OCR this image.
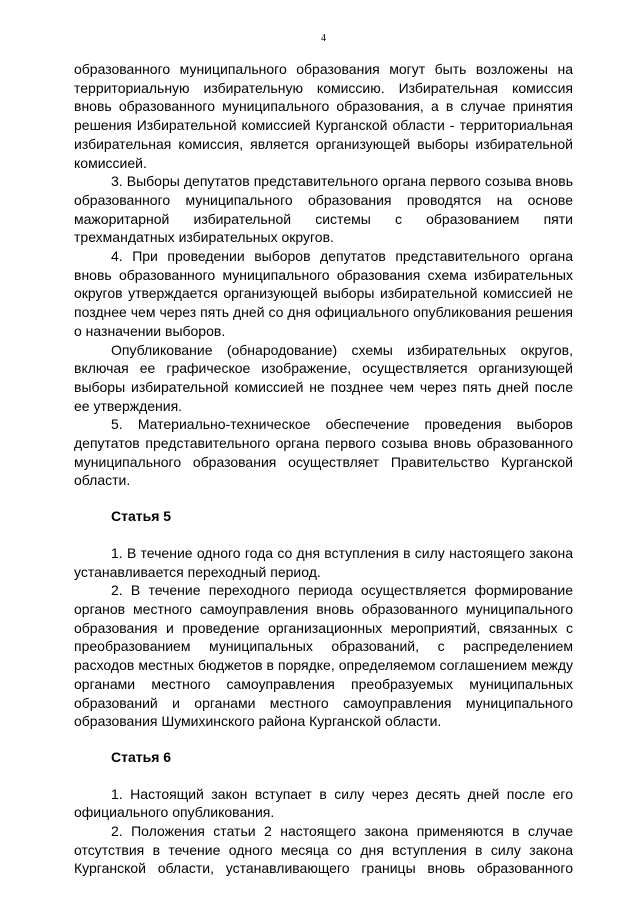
4

образованного муниципального образования могут быть возложены на территориальную избирательную комиссию. Избирательная комиссия вновь образованного муниципального образования, а в случае принятия решения Избирательной комиссией Курганской области - территориальная избирательная комиссия, является организующей выборы избирательной комиссией.

3. Выборы депутатов представительного органа первого созыва вновь образованного муниципального образования проводятся на основе мажоритарной избирательной системы с образованием пяти трехмандатных избирательных округов.

4. При проведении выборов депутатов представительного органа вновь образованного муниципального образования схема избирательных округов утверждается организующей выборы избирательной комиссией не позднее чем через пять дней со дня официального опубликования решения о назначении выборов.

Опубликование (обнародование) схемы избирательных округов, включая ее графическое изображение, осуществляется организующей выборы избирательной комиссией не позднее чем через пять дней после ее утверждения.

5. Материально-техническое обеспечение проведения выборов депутатов представительного органа первого созыва вновь образованного муниципального образования осуществляет Правительство Курганской области.

Статья 5

1. В течение одного года со дня вступления в силу настоящего закона устанавливается переходный период.

2. В течение переходного периода осуществляется формирование органов местного самоуправления вновь образованного муниципального образования и проведение организационных мероприятий, связанных с преобразованием муниципальных образований, с распределением расходов местных бюджетов в порядке, определяемом соглашением между органами местного самоуправления преобразуемых муниципальных образований и органами местного самоуправления муниципального образования Шумихинского района Курганской области.

Статья 6

1. Настоящий закон вступает в силу через десять дней после его официального опубликования.

2. Положения статьи 2 настоящего закона применяются в случае отсутствия в течение одного месяца со дня вступления в силу закона Курганской области, устанавливающего границы вновь образованного
